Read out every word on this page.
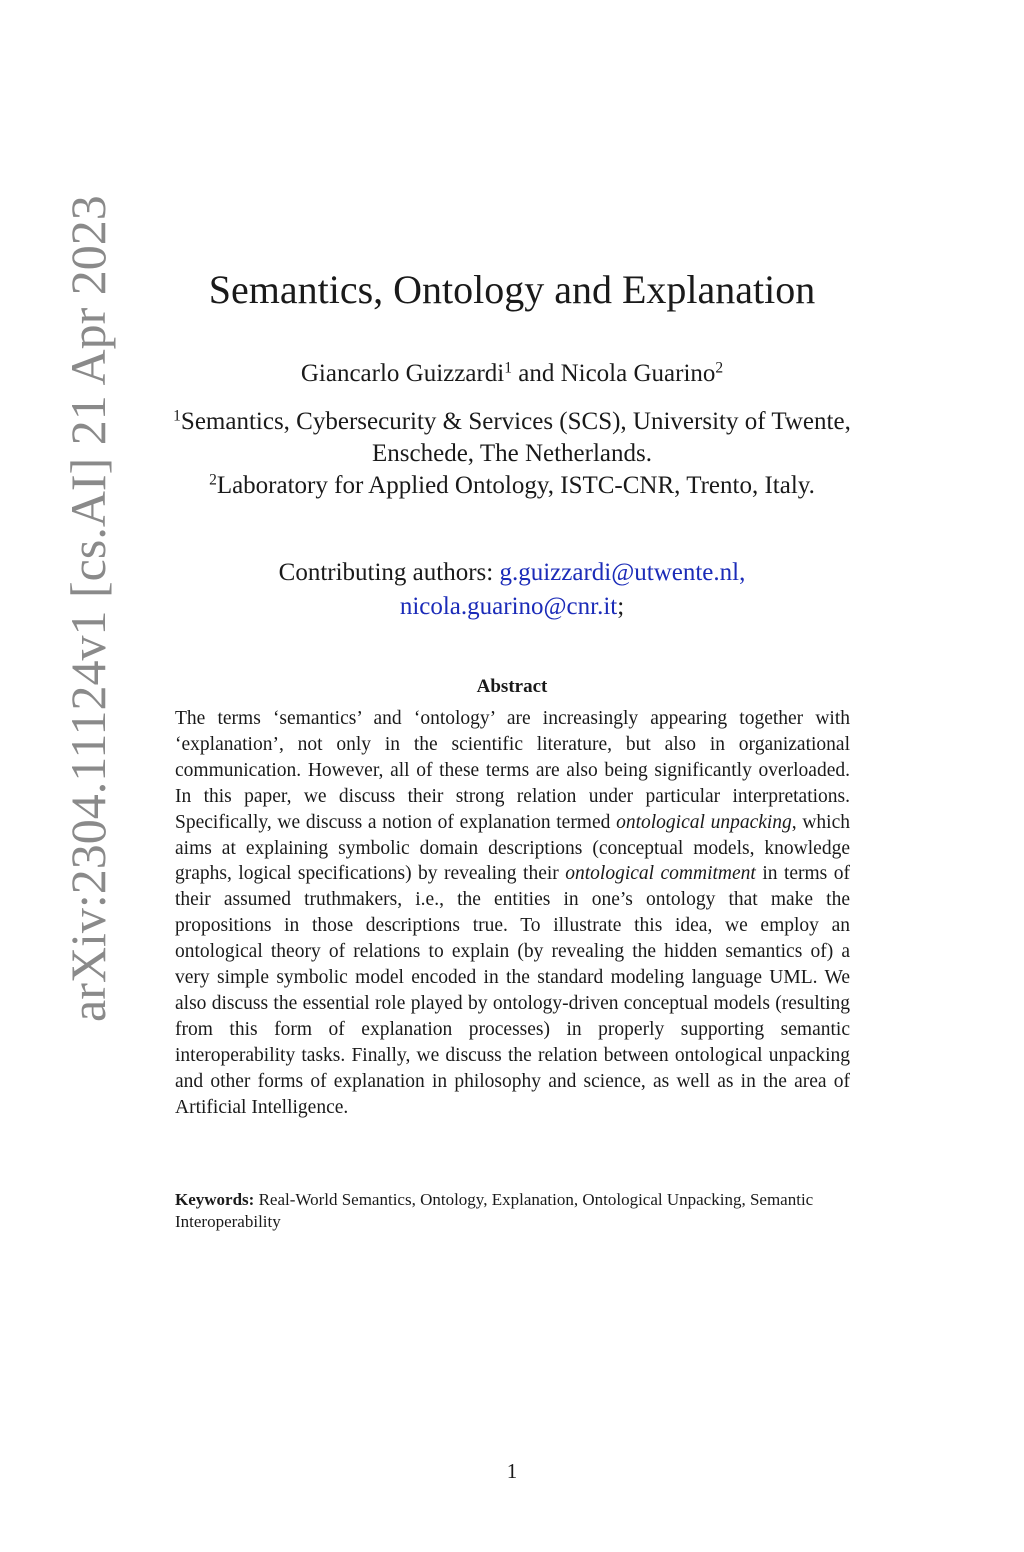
arXiv:2304.11124v1 [cs.AI] 21 Apr 2023	Semantics, Ontology and Explanation
Giancarlo Guizzardi$^1$ and Nicola Guarino$^2$
$^1$Semantics, Cybersecurity & Services (SCS), University of Twente, Enschede, The Netherlands.
$^2$Laboratory for Applied Ontology, ISTC-CNR, Trento, Italy.
Contributing authors: g.guizzardi@utwente.nl,
nicola.guarino@cnr.it;
Abstract

The terms ‘semantics’ and ‘ontology’ are increasingly appearing together with ‘explanation’, not only in the scientific literature, but also in organizational communication. However, all of these terms are also being significantly overloaded. In this paper, we discuss their strong relation under particular interpretations. Specifically, we discuss a notion of explanation termed ontological unpacking, which aims at explaining symbolic domain descriptions (conceptual models, knowledge graphs, logical specifications) by revealing their ontological commitment in terms of their assumed truthmakers, i.e., the entities in one’s ontology that make the propositions in those descriptions true. To illustrate this idea, we employ an ontological theory of relations to explain (by revealing the hidden semantics of) a very simple symbolic model encoded in the standard modeling language UML. We also discuss the essential role played by ontology-driven conceptual models (resulting from this form of explanation processes) in properly supporting semantic interoperability tasks. Finally, we discuss the relation between ontological unpacking and other forms of explanation in philosophy and science, as well as in the area of Artificial Intelligence.

Keywords: Real-World Semantics, Ontology, Explanation, Ontological Unpacking, Semantic Interoperability
1
